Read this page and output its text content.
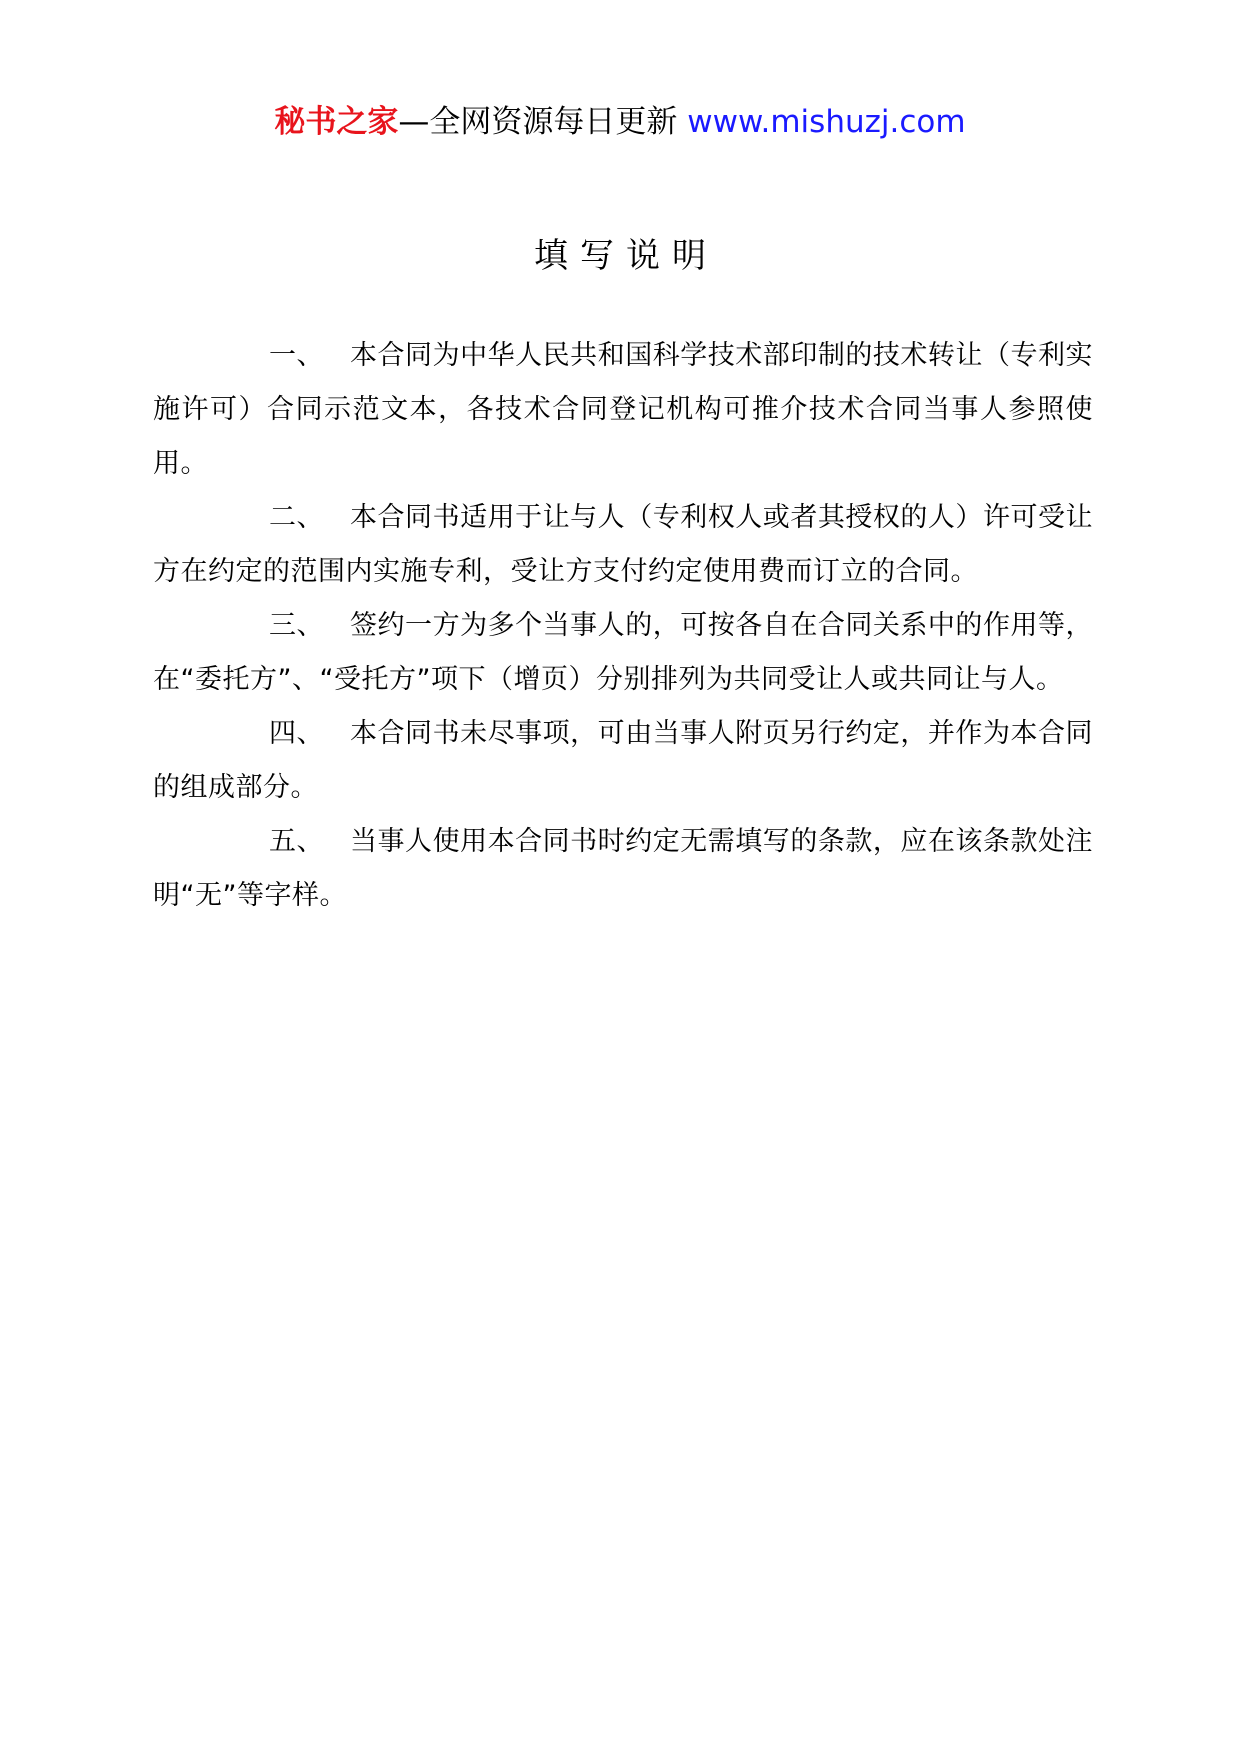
秘书之家—全网资源每日更新 www.mishuzj.com
填写说明

一、 本合同为中华人民共和国科学技术部印制的技术转让（专利实施许可）合同示范文本，各技术合同登记机构可推介技术合同当事人参照使用。

二、 本合同书适用于让与人（专利权人或者其授权的人）许可受让方在约定的范围内实施专利，受让方支付约定使用费而订立的合同。

三、 签约一方为多个当事人的，可按各自在合同关系中的作用等，在“委托方”、“受托方”项下（增页）分别排列为共同受让人或共同让与人。

四、 本合同书未尽事项，可由当事人附页另行约定，并作为本合同的组成部分。

五、 当事人使用本合同书时约定无需填写的条款，应在该条款处注明“无”等字样。
